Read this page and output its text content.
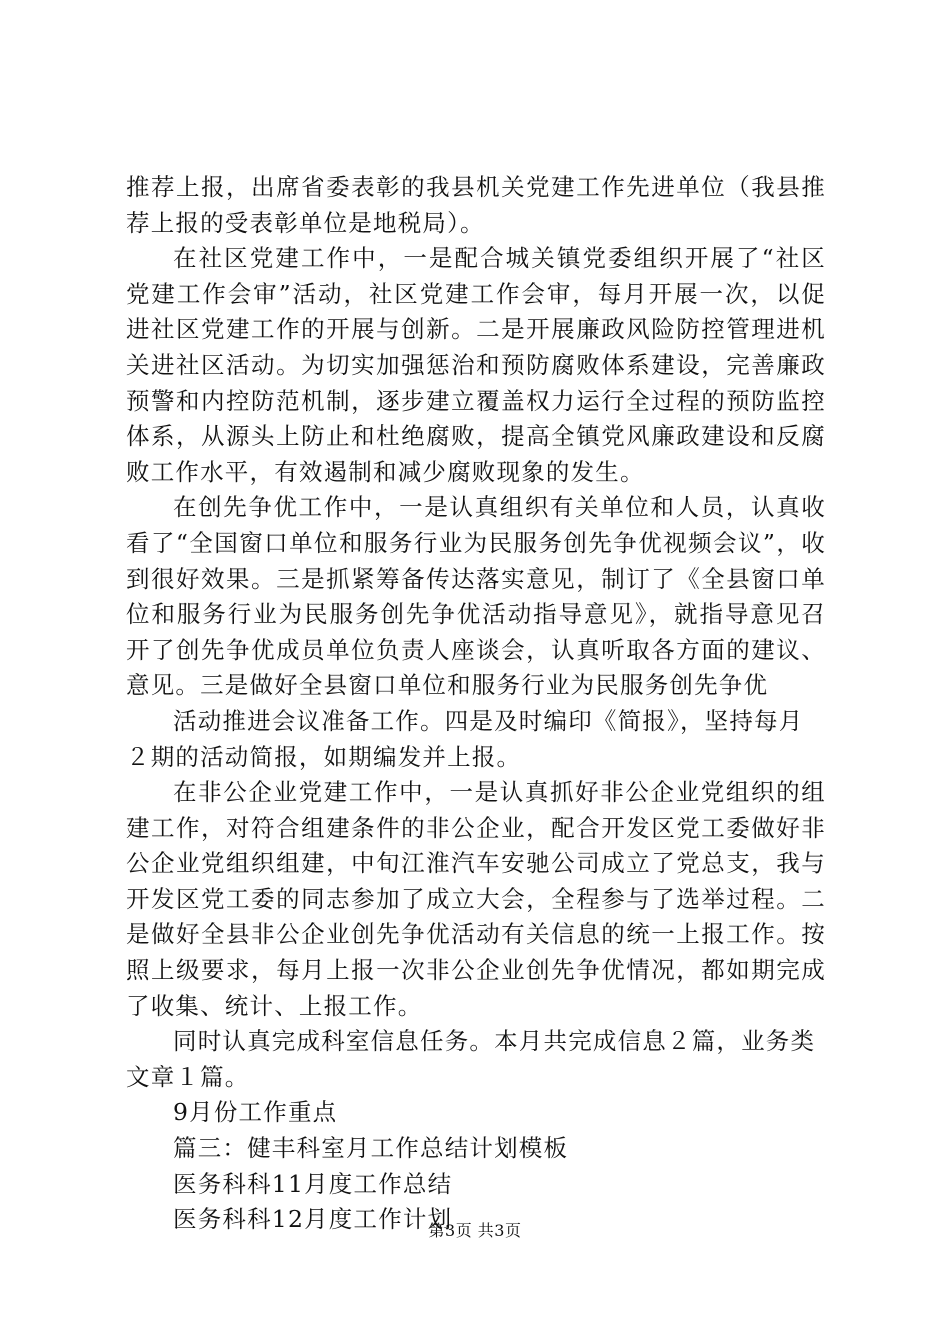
推荐上报，出席省委表彰的我县机关党建工作先进单位（我县推荐上报的受表彰单位是地税局）。

在社区党建工作中，一是配合城关镇党委组织开展了“社区党建工作会审”活动，社区党建工作会审，每月开展一次，以促进社区党建工作的开展与创新。二是开展廉政风险防控管理进机关进社区活动。为切实加强惩治和预防腐败体系建设，完善廉政预警和内控防范机制，逐步建立覆盖权力运行全过程的预防监控体系，从源头上防止和杜绝腐败，提高全镇党风廉政建设和反腐败工作水平，有效遏制和减少腐败现象的发生。

在创先争优工作中，一是认真组织有关单位和人员，认真收看了“全国窗口单位和服务行业为民服务创先争优视频会议”，收到很好效果。三是抓紧筹备传达落实意见，制订了《全县窗口单位和服务行业为民服务创先争优活动指导意见》，就指导意见召开了创先争优成员单位负责人座谈会，认真听取各方面的建议、意见。三是做好全县窗口单位和服务行业为民服务创先争优

活动推进会议准备工作。四是及时编印《简报》，坚持每月２期的活动简报，如期编发并上报。

在非公企业党建工作中，一是认真抓好非公企业党组织的组建工作，对符合组建条件的非公企业，配合开发区党工委做好非公企业党组织组建，中旬江淮汽车安驰公司成立了党总支，我与开发区党工委的同志参加了成立大会，全程参与了选举过程。二是做好全县非公企业创先争优活动有关信息的统一上报工作。按照上级要求，每月上报一次非公企业创先争优情况，都如期完成了收集、统计、上报工作。

同时认真完成科室信息任务。本月共完成信息２篇，业务类文章１篇。

9月份工作重点

篇三：健丰科室月工作总结计划模板

医务科科11月度工作总结

医务科科12月度工作计划

第3页 共3页
